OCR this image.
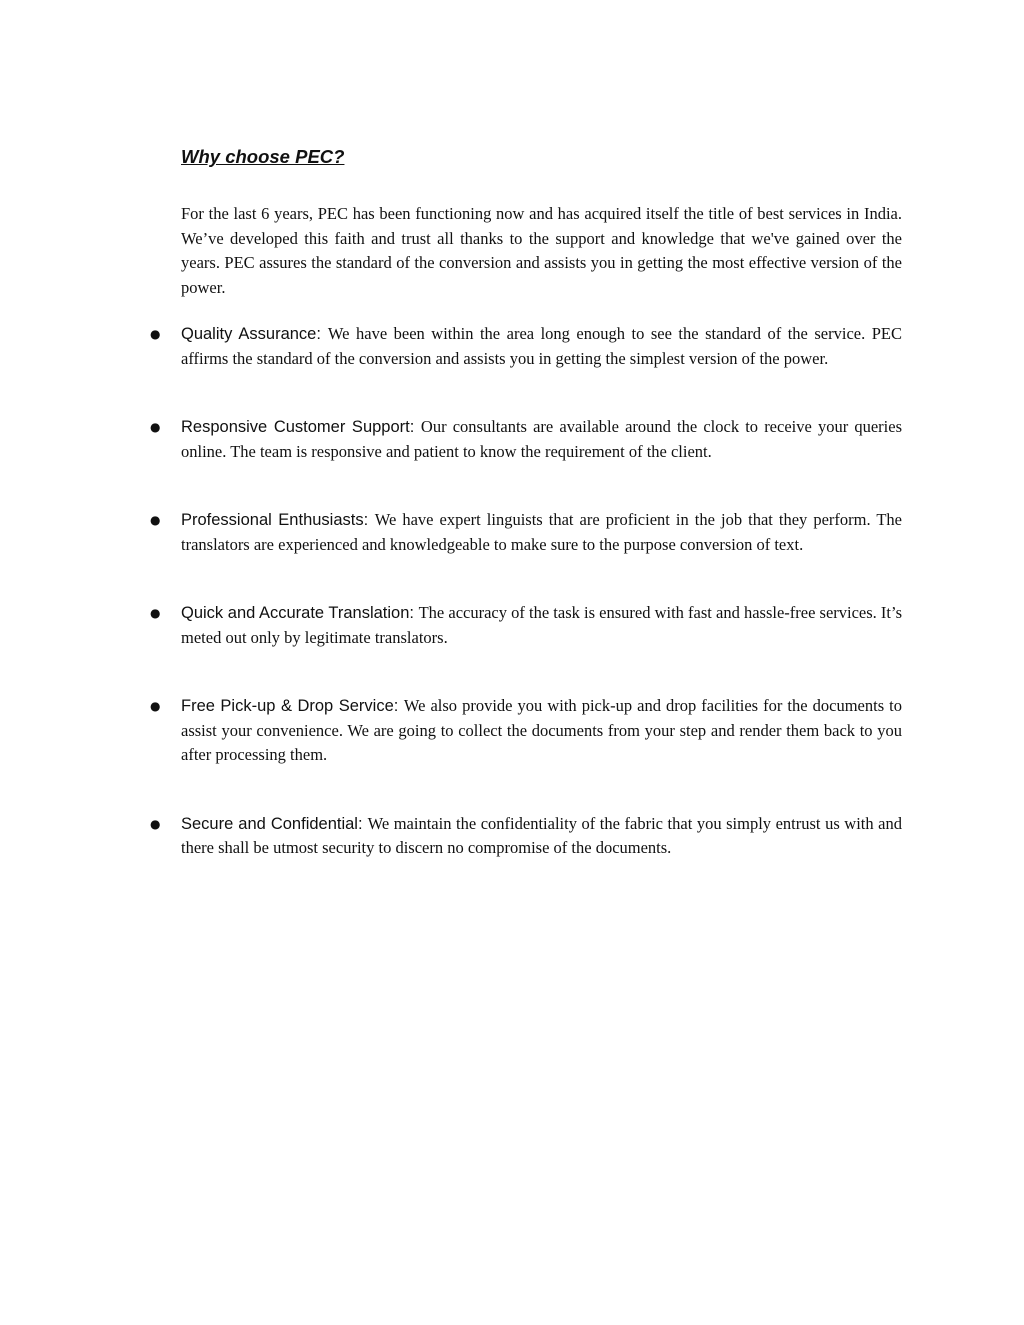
Why choose PEC?

For the last 6 years, PEC has been functioning now and has acquired itself the title of best services in India. We’ve developed this faith and trust all thanks to the support and knowledge that we've gained over the years. PEC assures the standard of the conversion and assists you in getting the most effective version of the power.

● Quality Assurance: We have been within the area long enough to see the standard of the service. PEC affirms the standard of the conversion and assists you in getting the simplest version of the power.
● Responsive Customer Support: Our consultants are available around the clock to receive your queries online. The team is responsive and patient to know the requirement of the client.
● Professional Enthusiasts: We have expert linguists that are proficient in the job that they perform. The translators are experienced and knowledgeable to make sure to the purpose conversion of text.
● Quick and Accurate Translation: The accuracy of the task is ensured with fast and hassle-free services. It’s meted out only by legitimate translators.
● Free Pick-up & Drop Service: We also provide you with pick-up and drop facilities for the documents to assist your convenience. We are going to collect the documents from your step and render them back to you after processing them.
● Secure and Confidential: We maintain the confidentiality of the fabric that you simply entrust us with and there shall be utmost security to discern no compromise of the documents.
